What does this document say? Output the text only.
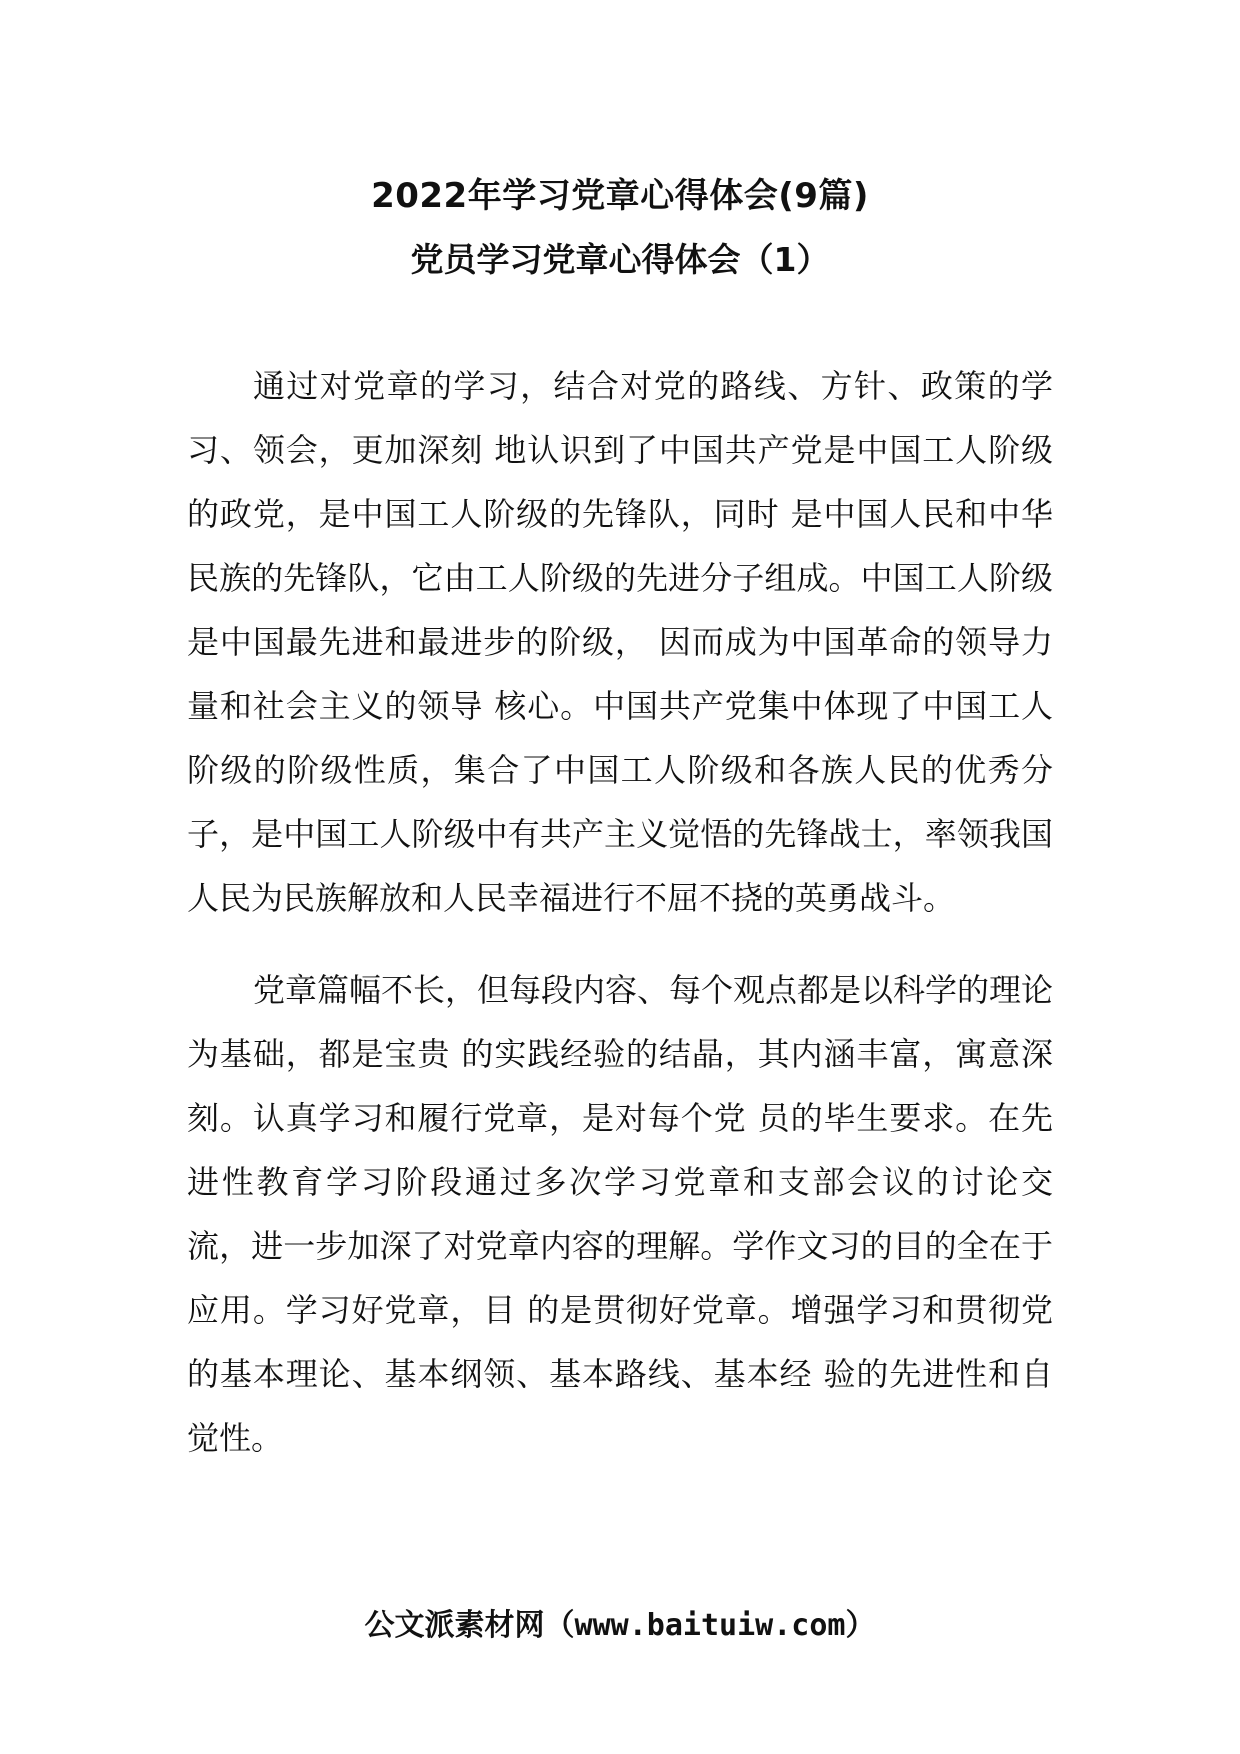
2022年学习党章心得体会(9篇)
党员学习党章心得体会（1）

通过对党章的学习，结合对党的路线、方针、政策的学习、领会，更加深刻 地认识到了中国共产党是中国工人阶级的政党，是中国工人阶级的先锋队，同时 是中国人民和中华民族的先锋队，它由工人阶级的先进分子组成。中国工人阶级 是中国最先进和最进步的阶级， 因而成为中国革命的领导力量和社会主义的领导 核心。中国共产党集中体现了中国工人阶级的阶级性质，集合了中国工人阶级和各族人民的优秀分子，是中国工人阶级中有共产主义觉悟的先锋战士，率领我国 人民为民族解放和人民幸福进行不屈不挠的英勇战斗。

党章篇幅不长，但每段内容、每个观点都是以科学的理论为基础，都是宝贵 的实践经验的结晶，其内涵丰富，寓意深刻。认真学习和履行党章，是对每个党 员的毕生要求。在先进性教育学习阶段通过多次学习党章和支部会议的讨论交 流，进一步加深了对党章内容的理解。学作文习的目的全在于应用。学习好党章，目 的是贯彻好党章。增强学习和贯彻党的基本理论、基本纲领、基本路线、基本经 验的先进性和自觉性。

公文派素材网（www.baituiw.com）
